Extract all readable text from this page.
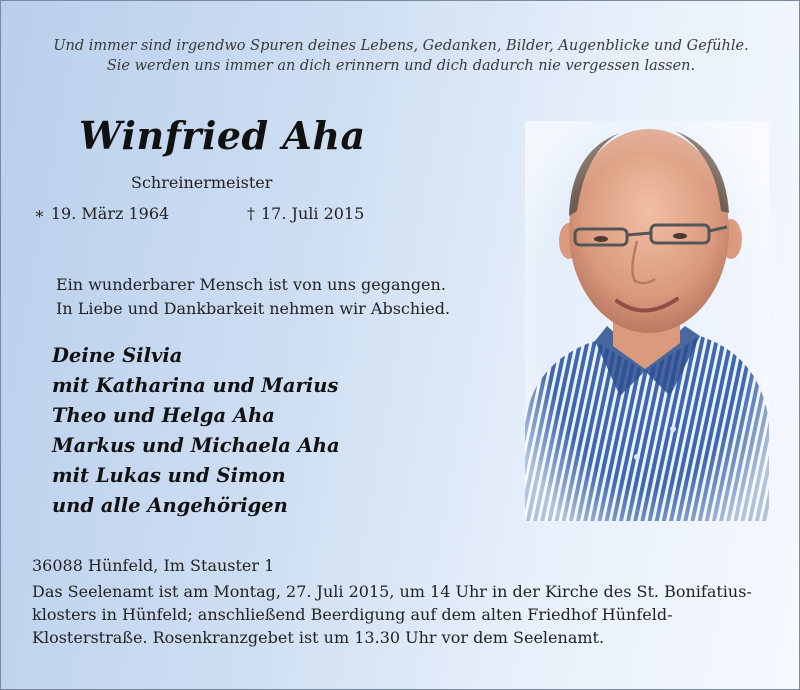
Und immer sind irgendwo Spuren deines Lebens, Gedanken, Bilder, Augenblicke und Gefühle.
Sie werden uns immer an dich erinnern und dich dadurch nie vergessen lassen.
Winfried Aha
Schreinermeister
∗ 19. März 1964	† 17. Juli 2015
Ein wunderbarer Mensch ist von uns gegangen.
In Liebe und Dankbarkeit nehmen wir Abschied.
Deine Silvia
mit Katharina und Marius
Theo und Helga Aha
Markus und Michaela Aha
mit Lukas und Simon
und alle Angehörigen
36088 Hünfeld, Im Stauster 1
Das Seelenamt ist am Montag, 27. Juli 2015, um 14 Uhr in der Kirche des St. Bonifatius-
klosters in Hünfeld; anschließend Beerdigung auf dem alten Friedhof Hünfeld-
Klosterstraße. Rosenkranzgebet ist um 13.30 Uhr vor dem Seelenamt.
